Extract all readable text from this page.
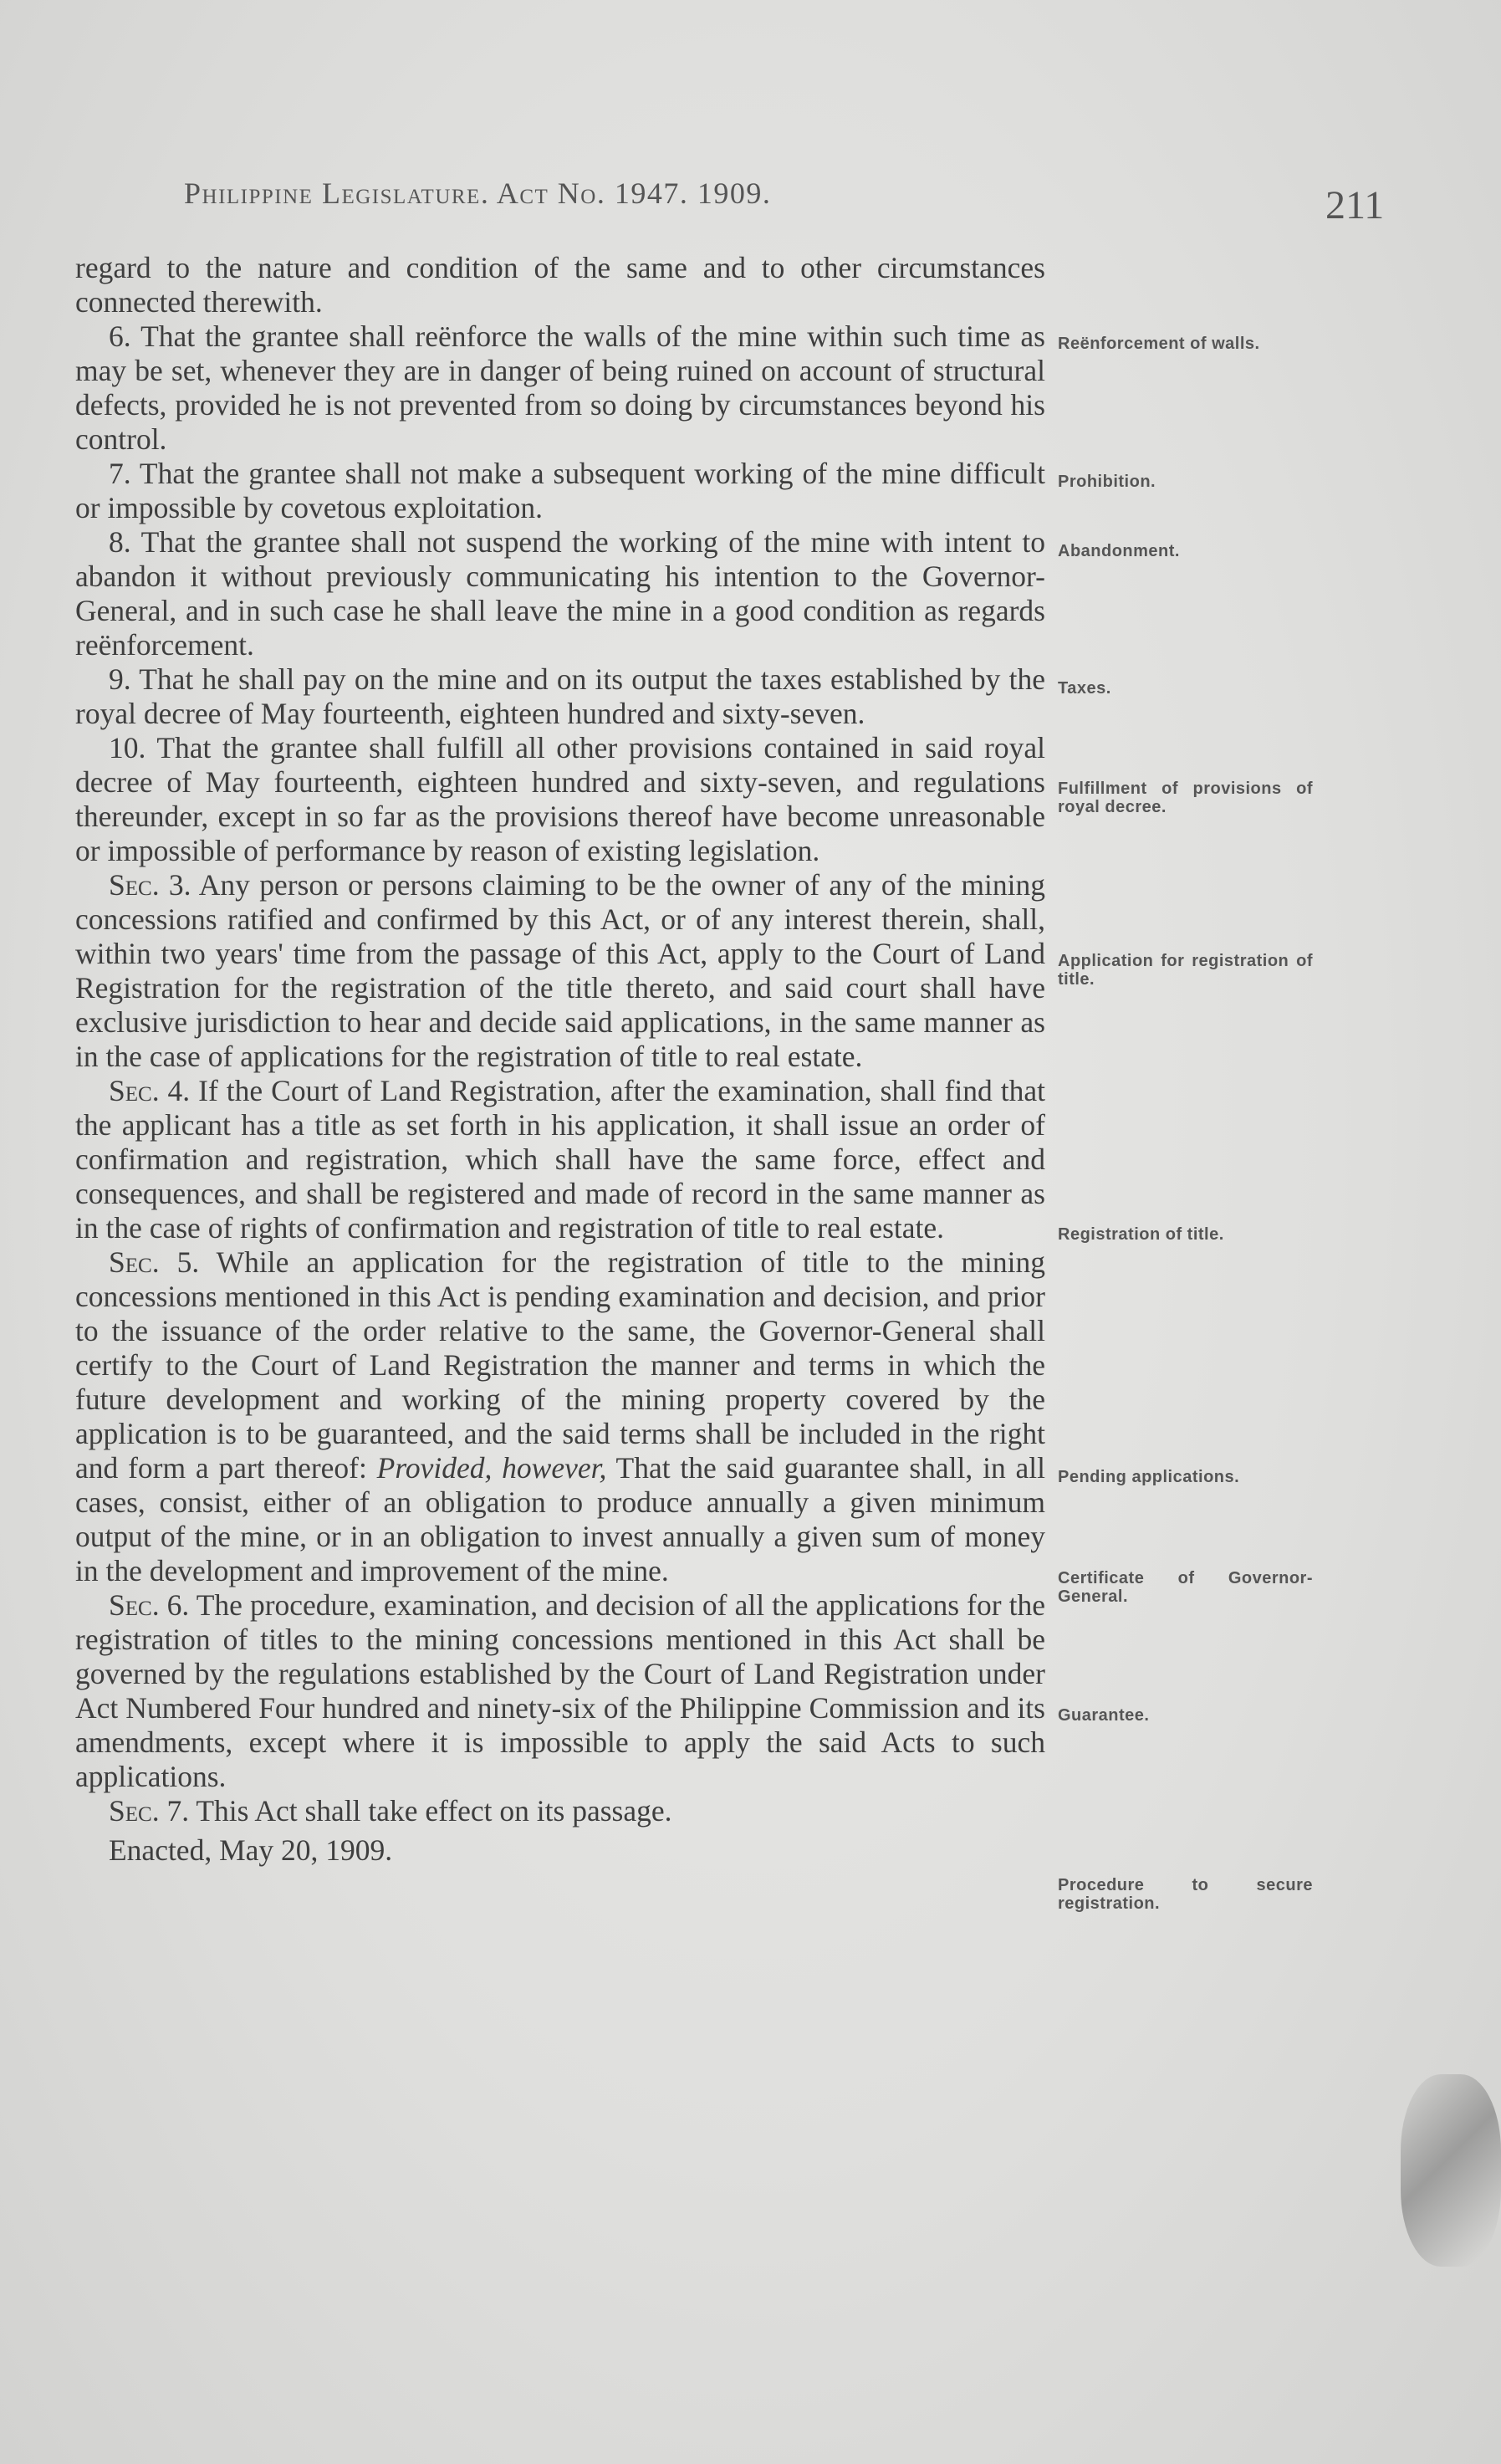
Philippine Legislature. Act No. 1947. 1909.	211

regard to the nature and condition of the same and to other circumstances connected therewith.

6. That the grantee shall reënforce the walls of the mine within such time as may be set, whenever they are in danger of being ruined on account of structural defects, provided he is not prevented from so doing by circumstances beyond his control.

7. That the grantee shall not make a subsequent working of the mine difficult or impossible by covetous exploitation.

8. That the grantee shall not suspend the working of the mine with intent to abandon it without previously communicating his intention to the Governor-General, and in such case he shall leave the mine in a good condition as regards reënforcement.

9. That he shall pay on the mine and on its output the taxes established by the royal decree of May fourteenth, eighteen hundred and sixty-seven.

10. That the grantee shall fulfill all other provisions contained in said royal decree of May fourteenth, eighteen hundred and sixty-seven, and regulations thereunder, except in so far as the provisions thereof have become unreasonable or impossible of performance by reason of existing legislation.

Sec. 3. Any person or persons claiming to be the owner of any of the mining concessions ratified and confirmed by this Act, or of any interest therein, shall, within two years' time from the passage of this Act, apply to the Court of Land Registration for the registration of the title thereto, and said court shall have exclusive jurisdiction to hear and decide said applications, in the same manner as in the case of applications for the registration of title to real estate.

Sec. 4. If the Court of Land Registration, after the examination, shall find that the applicant has a title as set forth in his application, it shall issue an order of confirmation and registration, which shall have the same force, effect and consequences, and shall be registered and made of record in the same manner as in the case of rights of confirmation and registration of title to real estate.

Sec. 5. While an application for the registration of title to the mining concessions mentioned in this Act is pending examination and decision, and prior to the issuance of the order relative to the same, the Governor-General shall certify to the Court of Land Registration the manner and terms in which the future development and working of the mining property covered by the application is to be guaranteed, and the said terms shall be included in the right and form a part thereof: Provided, however, That the said guarantee shall, in all cases, consist, either of an obligation to produce annually a given minimum output of the mine, or in an obligation to invest annually a given sum of money in the development and improvement of the mine.

Sec. 6. The procedure, examination, and decision of all the applications for the registration of titles to the mining concessions mentioned in this Act shall be governed by the regulations established by the Court of Land Registration under Act Numbered Four hundred and ninety-six of the Philippine Commission and its amendments, except where it is impossible to apply the said Acts to such applications.

Sec. 7. This Act shall take effect on its passage.

Enacted, May 20, 1909.

Reënforcement of walls.
Prohibition.
Abandonment.
Taxes.
Fulfillment of provisions of royal decree.
Application for registration of title.
Registration of title.
Pending applications.
Certificate of Governor-General.
Guarantee.
Procedure to secure registration.
